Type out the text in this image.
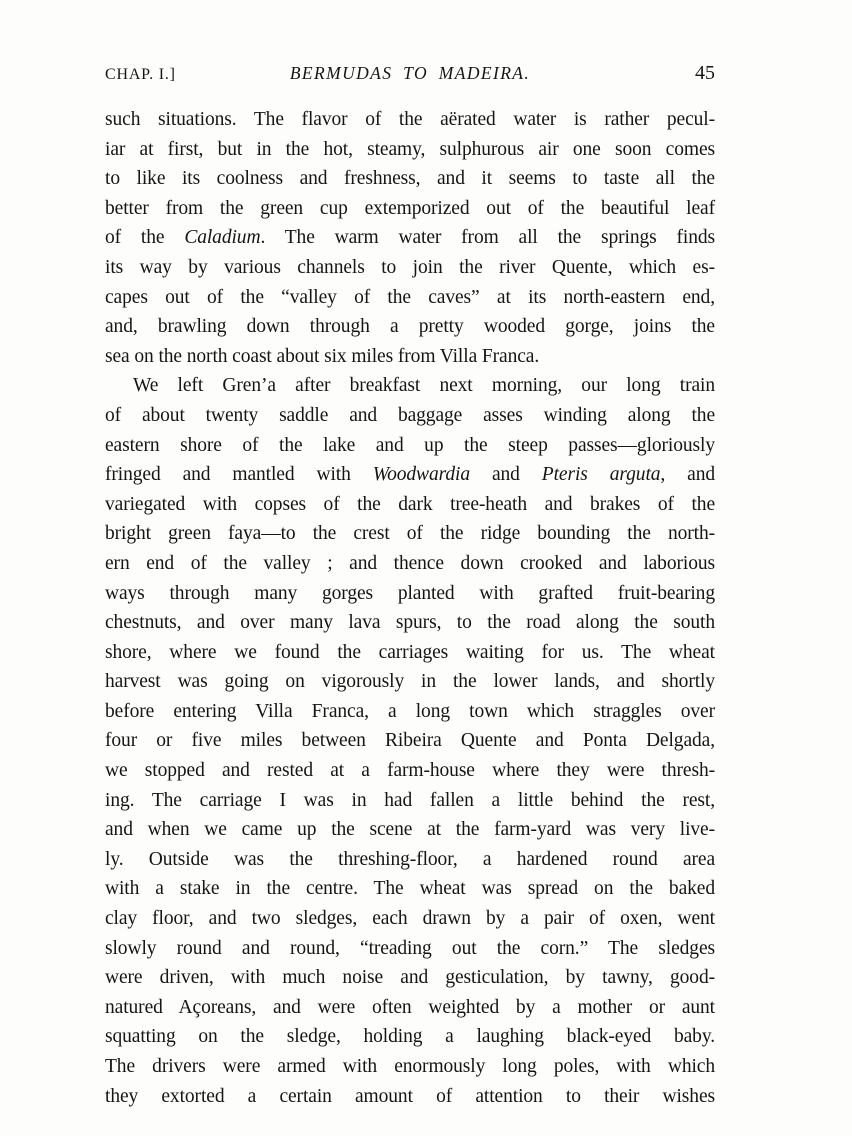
CHAP. I.]	BERMUDAS TO MADEIRA.	45
such situations. The flavor of the aërated water is rather pecul-
iar at first, but in the hot, steamy, sulphurous air one soon comes
to like its coolness and freshness, and it seems to taste all the
better from the green cup extemporized out of the beautiful leaf
of the Caladium. The warm water from all the springs finds
its way by various channels to join the river Quente, which es-
capes out of the “valley of the caves” at its north-eastern end,
and, brawling down through a pretty wooded gorge, joins the
sea on the north coast about six miles from Villa Franca.
We left Gren’a after breakfast next morning, our long train
of about twenty saddle and baggage asses winding along the
eastern shore of the lake and up the steep passes—gloriously
fringed and mantled with Woodwardia and Pteris arguta, and
variegated with copses of the dark tree-heath and brakes of the
bright green faya—to the crest of the ridge bounding the north-
ern end of the valley ; and thence down crooked and laborious
ways through many gorges planted with grafted fruit-bearing
chestnuts, and over many lava spurs, to the road along the south
shore, where we found the carriages waiting for us. The wheat
harvest was going on vigorously in the lower lands, and shortly
before entering Villa Franca, a long town which straggles over
four or five miles between Ribeira Quente and Ponta Delgada,
we stopped and rested at a farm-house where they were thresh-
ing. The carriage I was in had fallen a little behind the rest,
and when we came up the scene at the farm-yard was very live-
ly. Outside was the threshing-floor, a hardened round area
with a stake in the centre. The wheat was spread on the baked
clay floor, and two sledges, each drawn by a pair of oxen, went
slowly round and round, “treading out the corn.” The sledges
were driven, with much noise and gesticulation, by tawny, good-
natured Açoreans, and were often weighted by a mother or aunt
squatting on the sledge, holding a laughing black-eyed baby.
The drivers were armed with enormously long poles, with which
they extorted a certain amount of attention to their wishes
